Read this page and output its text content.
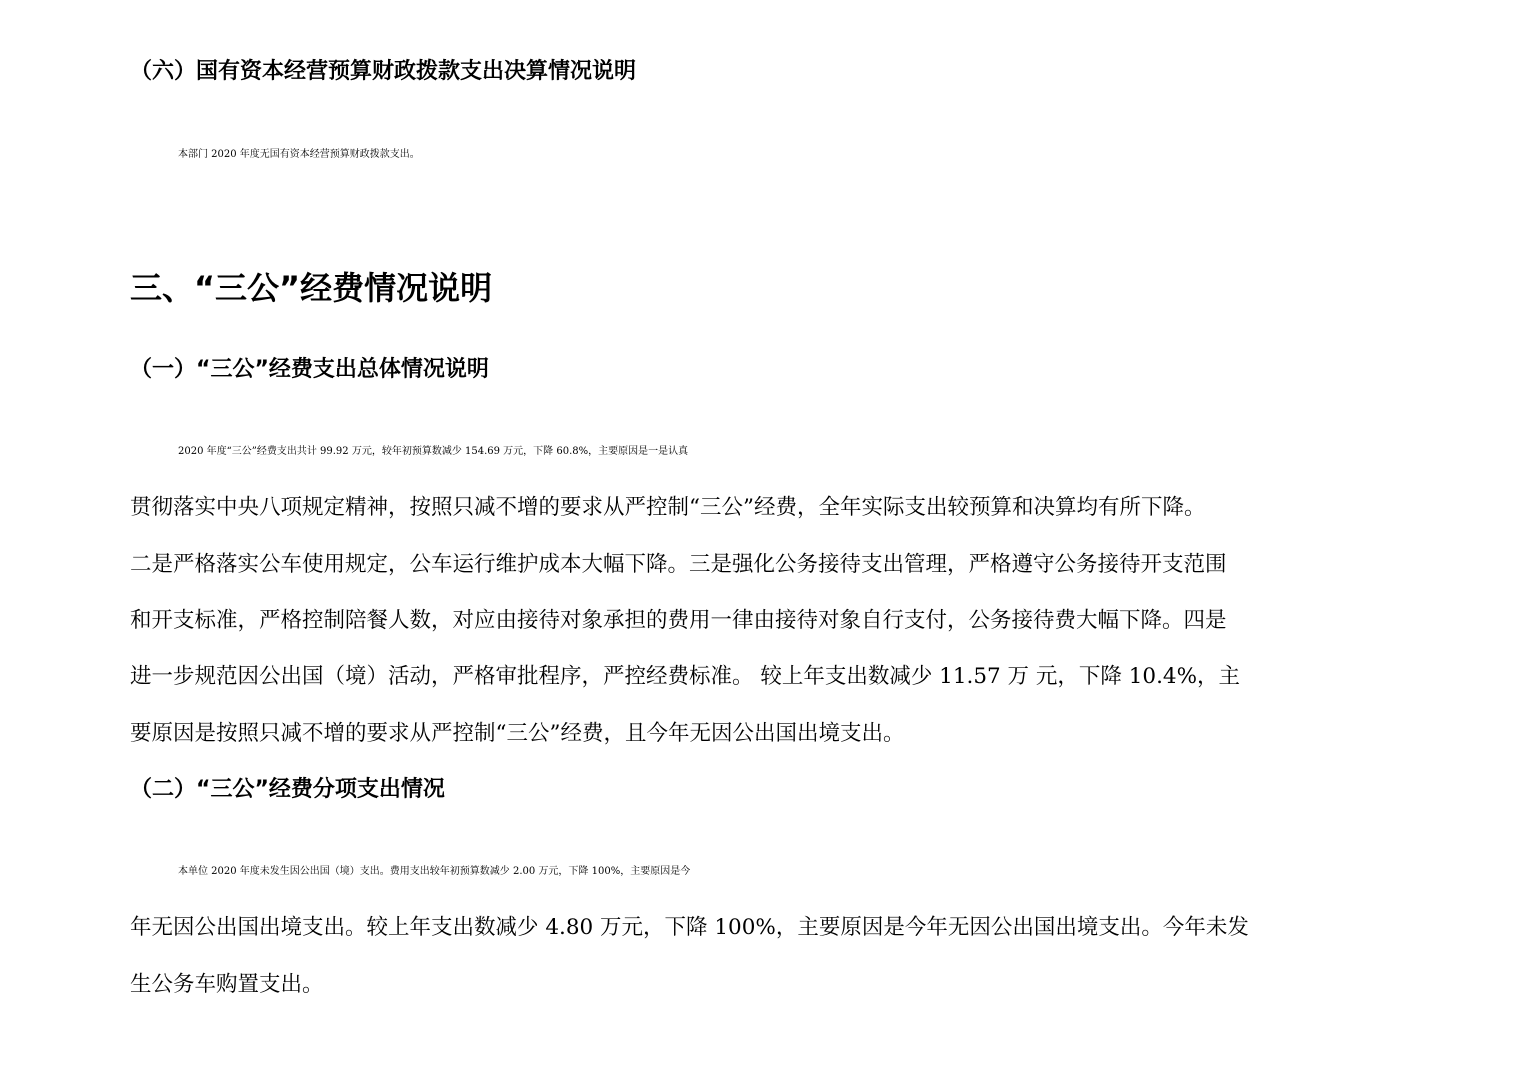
（六）国有资本经营预算财政拨款支出决算情况说明
本部门 2020 年度无国有资本经营预算财政拨款支出。
三、“三公”经费情况说明
（一）“三公”经费支出总体情况说明
2020 年度“三公”经费支出共计 99.92 万元，较年初预算数减少 154.69 万元，下降 60.8%，主要原因是一是认真
贯彻落实中央八项规定精神，按照只减不增的要求从严控制“三公”经费，全年实际支出较预算和决算均有所下降。
二是严格落实公车使用规定，公车运行维护成本大幅下降。三是强化公务接待支出管理，严格遵守公务接待开支范围
和开支标准，严格控制陪餐人数，对应由接待对象承担的费用一律由接待对象自行支付，公务接待费大幅下降。四是
进一步规范因公出国（境）活动，严格审批程序，严控经费标准。 较上年支出数减少 11.57 万 元，下降 10.4%，主
要原因是按照只减不增的要求从严控制“三公”经费，且今年无因公出国出境支出。
（二）“三公”经费分项支出情况
本单位 2020 年度未发生因公出国（境）支出。费用支出较年初预算数减少 2.00 万元，下降 100%，主要原因是今
年无因公出国出境支出。较上年支出数减少 4.80 万元，下降 100%，主要原因是今年无因公出国出境支出。今年未发
生公务车购置支出。
